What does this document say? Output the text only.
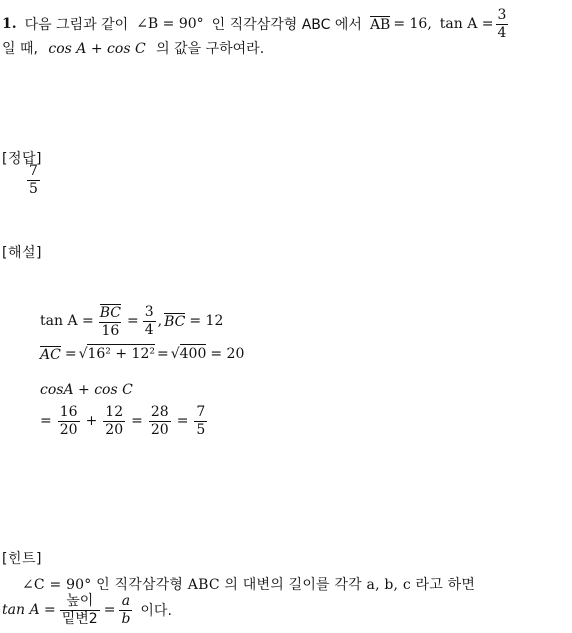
1. 다음 그림과 같이 ∠B = 90° 인 직각삼각형 ABC 에서 AB = 16, $\tan A = \frac{3}{4}$
일 때, cos A + cos C 의 값을 구하여라.
[정답]
$\frac{7}{5}$
[해설]
$\tan A = \frac{BC}{16} = \frac{3}{4}$ , BC = 12
AC = √16² + 12² = √400 = 20
cosA + cos C
= $\frac{16}{20} + \frac{12}{20} = \frac{28}{20} = \frac{7}{5}$
[힌트]
∠C = 90° 인 직각삼각형 ABC 의 대변의 길이를 각각 a, b, c 라고 하면
$\tan A = \frac{\text{높이}}{\text{밑변2}} = \frac{a}{b}$ 이다.
